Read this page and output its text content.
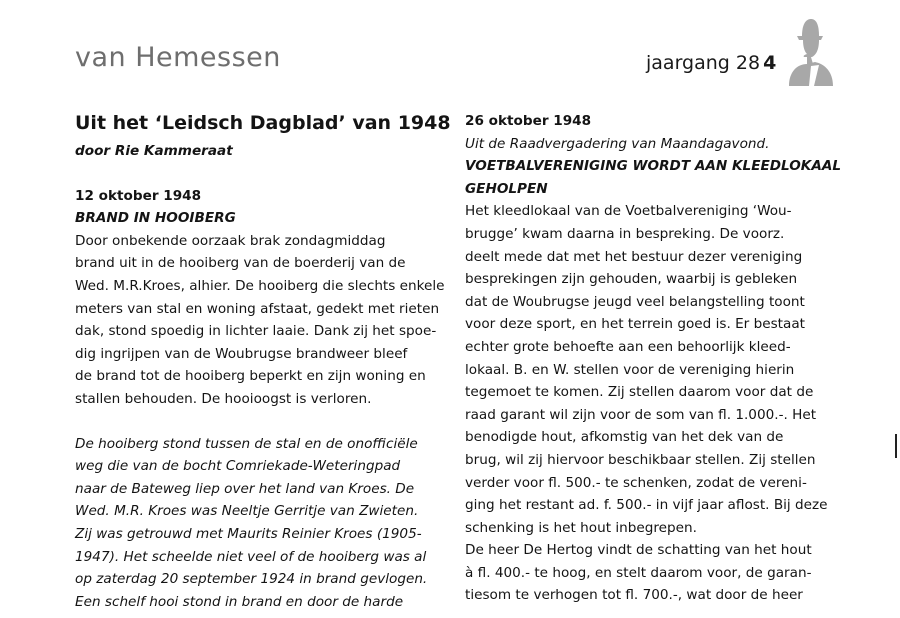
van Hemessen	jaargang 28 4
Uit het ‘Leidsch Dagblad’ van 1948
door Rie Kammeraat
12 oktober 1948
BRAND IN HOOIBERG
Door onbekende oorzaak brak zondagmiddag
brand uit in de hooiberg van de boerderij van de
Wed. M.R.Kroes, alhier. De hooiberg die slechts enkele
meters van stal en woning afstaat, gedekt met rieten
dak, stond spoedig in lichter laaie. Dank zij het spoe-
dig ingrijpen van de Woubrugse brandweer bleef
de brand tot de hooiberg beperkt en zijn woning en
stallen behouden. De hooioogst is verloren.
De hooiberg stond tussen de stal en de onofficiële
weg die van de bocht Comriekade-Weteringpad
naar de Bateweg liep over het land van Kroes. De
Wed. M.R. Kroes was Neeltje Gerritje van Zwieten.
Zij was getrouwd met Maurits Reinier Kroes (1905-
1947). Het scheelde niet veel of de hooiberg was al
op zaterdag 20 september 1924 in brand gevlogen.
Een schelf hooi stond in brand en door de harde
26 oktober 1948
Uit de Raadvergadering van Maandagavond.
VOETBALVERENIGING WORDT AAN KLEEDLOKAAL
GEHOLPEN
Het kleedlokaal van de Voetbalvereniging ‘Wou-
brugge’ kwam daarna in bespreking. De voorz.
deelt mede dat met het bestuur dezer vereniging
besprekingen zijn gehouden, waarbij is gebleken
dat de Woubrugse jeugd veel belangstelling toont
voor deze sport, en het terrein goed is. Er bestaat
echter grote behoefte aan een behoorlijk kleed-
lokaal. B. en W. stellen voor de vereniging hierin
tegemoet te komen. Zij stellen daarom voor dat de
raad garant wil zijn voor de som van fl. 1.000.-. Het
benodigde hout, afkomstig van het dek van de
brug, wil zij hiervoor beschikbaar stellen. Zij stellen
verder voor fl. 500.- te schenken, zodat de vereni-
ging het restant ad. f. 500.- in vijf jaar aflost. Bij deze
schenking is het hout inbegrepen.
De heer De Hertog vindt de schatting van het hout
à fl. 400.- te hoog, en stelt daarom voor, de garan-
tiesom te verhogen tot fl. 700.-, wat door de heer
